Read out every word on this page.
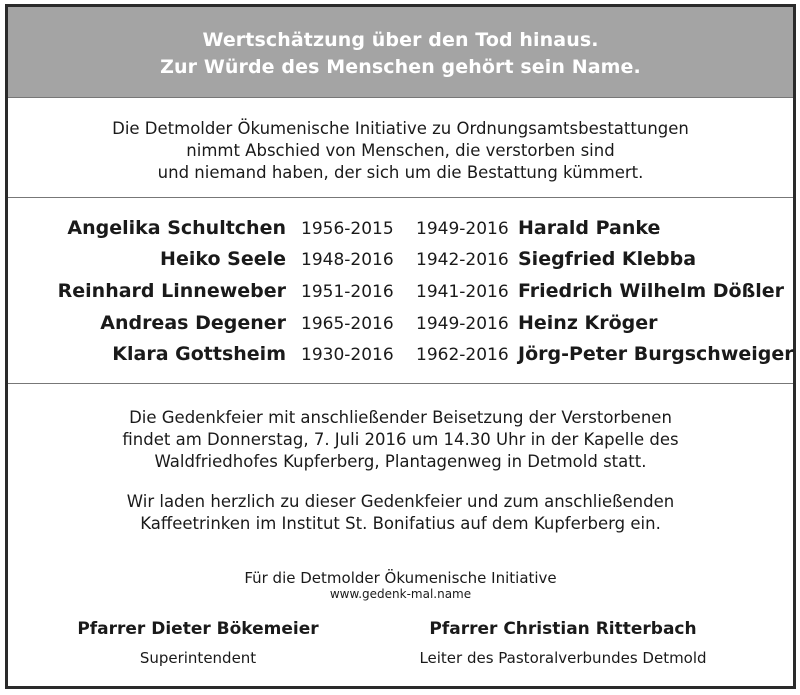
Wertschätzung über den Tod hinaus.
Zur Würde des Menschen gehört sein Name.
Die Detmolder Ökumenische Initiative zu Ordnungsamtsbestattungen
nimmt Abschied von Menschen, die verstorben sind
und niemand haben, der sich um die Bestattung kümmert.
Angelika Schultchen 1956-2015 1949-2016 Harald Panke
Heiko Seele 1948-2016 1942-2016 Siegfried Klebba
Reinhard Linneweber 1951-2016 1941-2016 Friedrich Wilhelm Dößler
Andreas Degener 1965-2016 1949-2016 Heinz Kröger
Klara Gottsheim 1930-2016 1962-2016 Jörg-Peter Burgschweiger
Die Gedenkfeier mit anschließender Beisetzung der Verstorbenen
findet am Donnerstag, 7. Juli 2016 um 14.30 Uhr in der Kapelle des
Waldfriedhofes Kupferberg, Plantagenweg in Detmold statt.
Wir laden herzlich zu dieser Gedenkfeier und zum anschließenden
Kaffeetrinken im Institut St. Bonifatius auf dem Kupferberg ein.
Für die Detmolder Ökumenische Initiative
www.gedenk-mal.name
Pfarrer Dieter Bökemeier
Superintendent
Pfarrer Christian Ritterbach
Leiter des Pastoralverbundes Detmold
